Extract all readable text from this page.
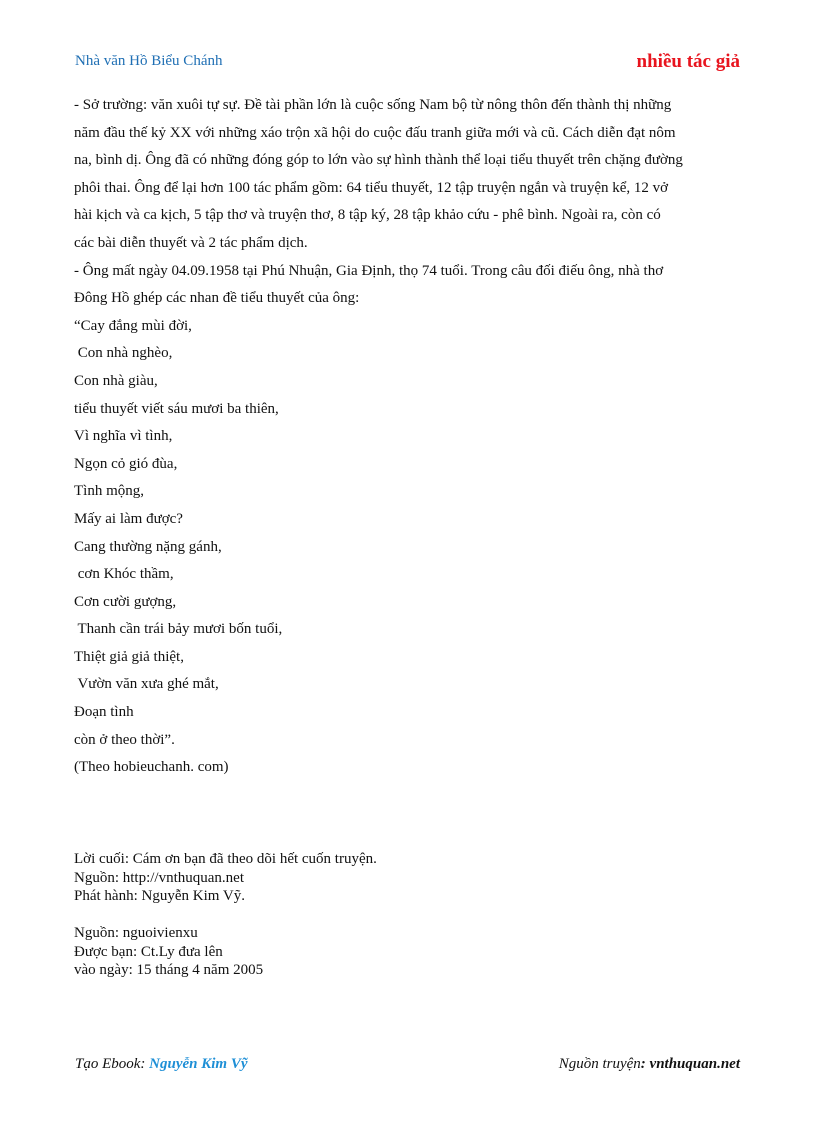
Nhà văn Hồ Biểu Chánh	nhiều tác giả

- Sở trường: văn xuôi tự sự. Đề tài phần lớn là cuộc sống Nam bộ từ nông thôn đến thành thị những

năm đầu thế kỷ XX với những xáo trộn xã hội do cuộc đấu tranh giữa mới và cũ. Cách diễn đạt nôm

na, bình dị. Ông đã có những đóng góp to lớn vào sự hình thành thể loại tiểu thuyết trên chặng đường

phôi thai. Ông để lại hơn 100 tác phẩm gồm: 64 tiểu thuyết, 12 tập truyện ngắn và truyện kể, 12 vở

hài kịch và ca kịch, 5 tập thơ và truyện thơ, 8 tập ký, 28 tập khảo cứu - phê bình. Ngoài ra, còn có

các bài diễn thuyết và 2 tác phẩm dịch.

- Ông mất ngày 04.09.1958 tại Phú Nhuận, Gia Định, thọ 74 tuổi. Trong câu đối điếu ông, nhà thơ

Đông Hồ ghép các nhan đề tiểu thuyết của ông:

“Cay đắng mùi đời,

Con nhà nghèo,

Con nhà giàu,

tiểu thuyết viết sáu mươi ba thiên,

Vì nghĩa vì tình,

Ngọn cỏ gió đùa,

Tình mộng,

Mấy ai làm được?

Cang thường nặng gánh,

cơn Khóc thầm,

Cơn cười gượng,

Thanh cần trái bảy mươi bốn tuổi,

Thiệt giả giả thiệt,

Vườn văn xưa ghé mắt,

Đoạn tình

còn ở theo thời”.

(Theo hobieuchanh. com)

Lời cuối: Cám ơn bạn đã theo dõi hết cuốn truyện.

Nguồn: http://vnthuquan.net

Phát hành: Nguyễn Kim Vỹ.

Nguồn: nguoivienxu

Được bạn: Ct.Ly đưa lên

vào ngày: 15 tháng 4 năm 2005

Tạo Ebook: Nguyễn Kim Vỹ	Nguồn truyện: vnthuquan.net
